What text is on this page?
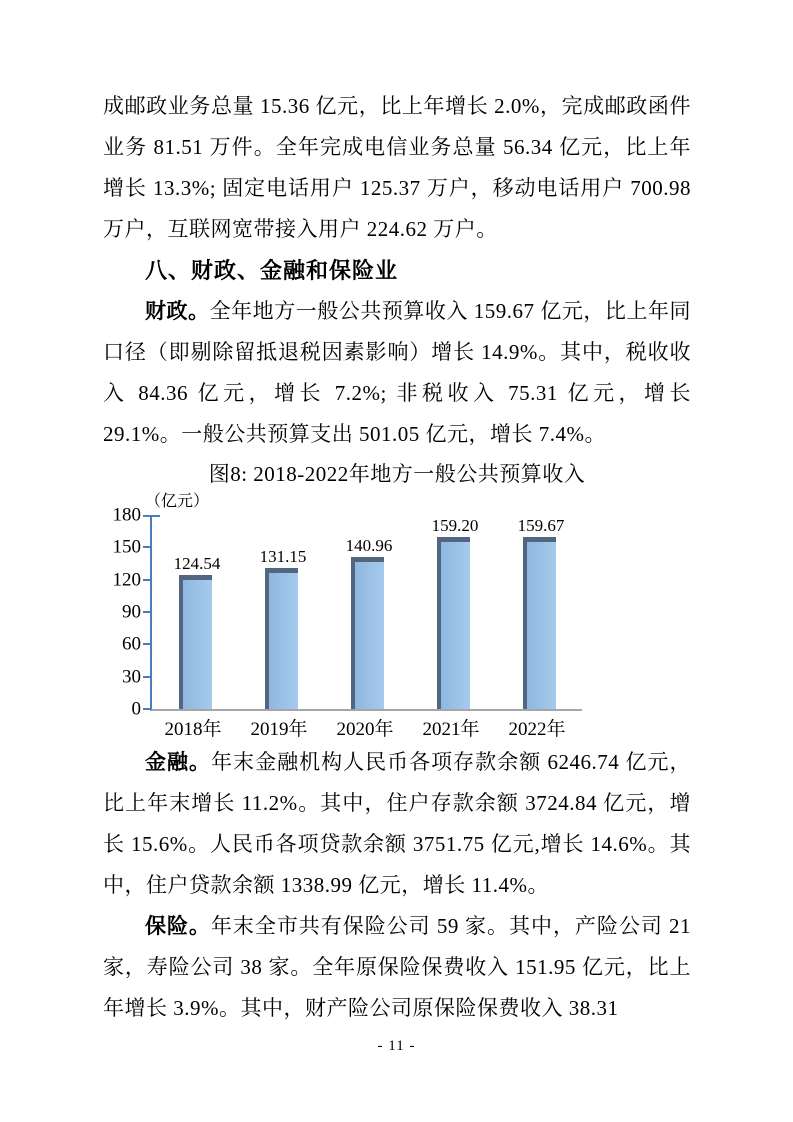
成邮政业务总量 15.36 亿元，比上年增长 2.0%，完成邮政函件业务 81.51 万件。全年完成电信业务总量 56.34 亿元，比上年增长 13.3%; 固定电话用户 125.37 万户，移动电话用户 700.98 万户，互联网宽带接入用户 224.62 万户。

八、财政、金融和保险业

财政。全年地方一般公共预算收入 159.67 亿元，比上年同口径（即剔除留抵退税因素影响）增长 14.9%。其中，税收收入 84.36 亿元，增长 7.2%; 非税收入 75.31 亿元，增长 29.1%。一般公共预算支出 501.05 亿元，增长 7.4%。

图8: 2018-2022年地方一般公共预算收入
（亿元）
180
150
120
90
60
30
0
124.54 131.15
140.96
159.20 159.67
2018年	2019年	2020年	2021年	2022年

金融。年末金融机构人民币各项存款余额 6246.74 亿元，比上年末增长 11.2%。其中，住户存款余额 3724.84 亿元，增长 15.6%。人民币各项贷款余额 3751.75 亿元,增长 14.6%。其中，住户贷款余额 1338.99 亿元，增长 11.4%。

保险。年末全市共有保险公司 59 家。其中，产险公司 21 家，寿险公司 38 家。全年原保险保费收入 151.95 亿元，比上年增长 3.9%。其中，财产险公司原保险保费收入 38.31

- 11 -
